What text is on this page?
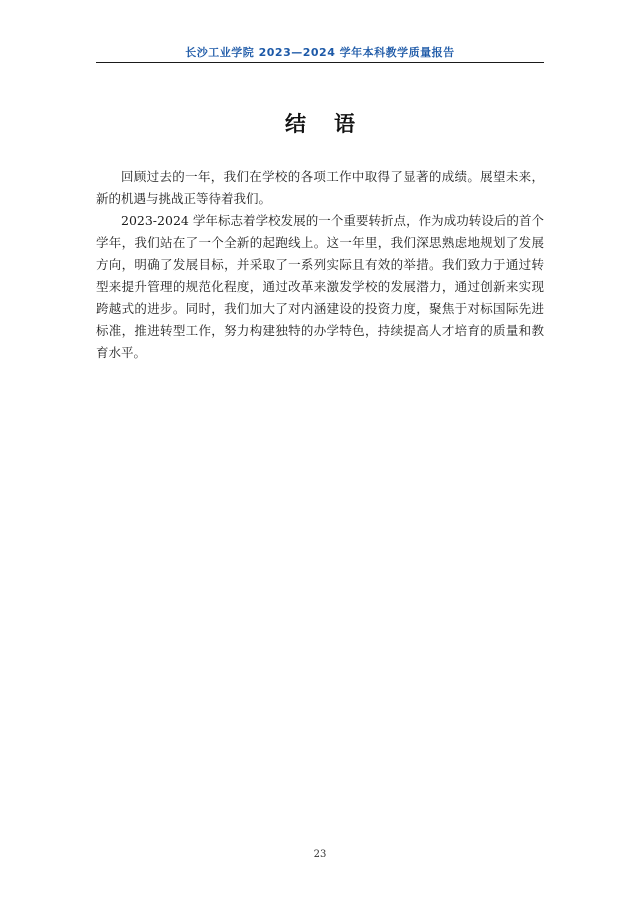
长沙工业学院 2023—2024 学年本科教学质量报告
结语

回顾过去的一年，我们在学校的各项工作中取得了显著的成绩。展望未来，新的机遇与挑战正等待着我们。

2023-2024 学年标志着学校发展的一个重要转折点，作为成功转设后的首个学年，我们站在了一个全新的起跑线上。这一年里，我们深思熟虑地规划了发展方向，明确了发展目标，并采取了一系列实际且有效的举措。我们致力于通过转型来提升管理的规范化程度，通过改革来激发学校的发展潜力，通过创新来实现跨越式的进步。同时，我们加大了对内涵建设的投资力度，聚焦于对标国际先进标准，推进转型工作，努力构建独特的办学特色，持续提高人才培育的质量和教育水平。

23
